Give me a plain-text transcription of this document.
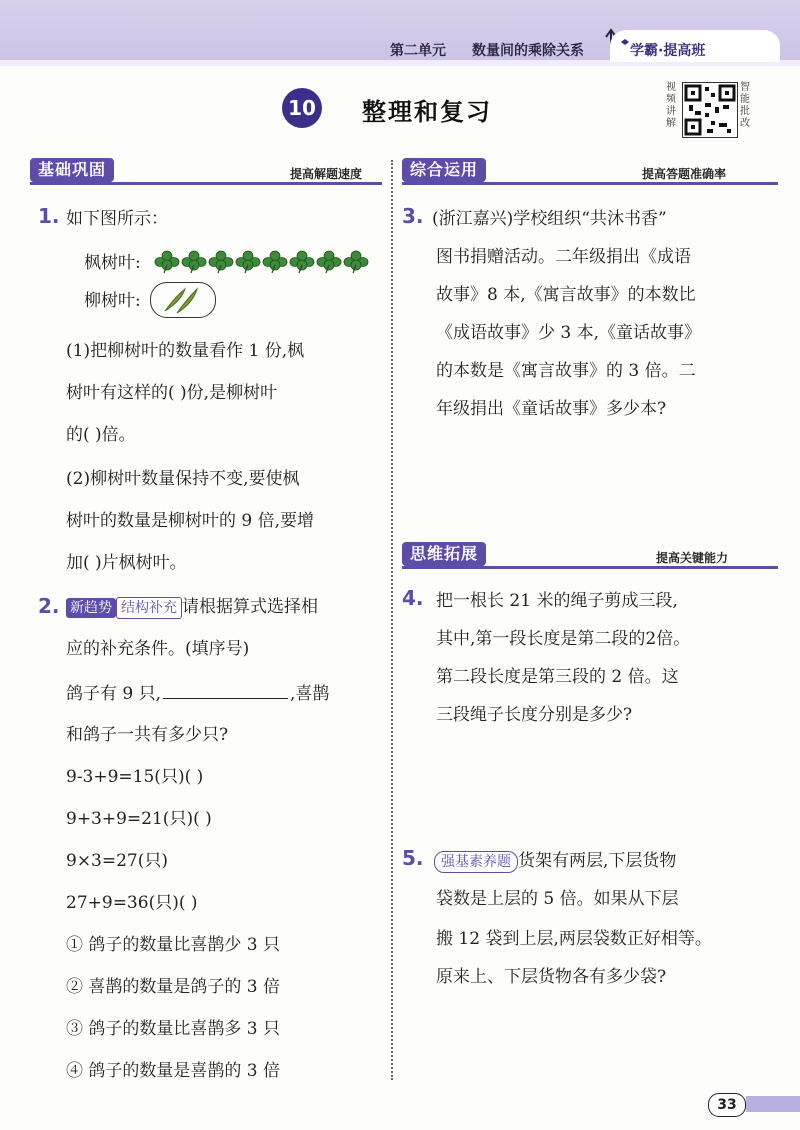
第二单元 数量间的乘除关系	学霸·提高班
10 整理和复习
视频讲解
智能批改
基础巩固	提高解题速度
1. 如下图所示：
枫树叶:
柳树叶:
(1)把柳树叶的数量看作 1 份,枫
树叶有这样的( )份,是柳树叶
的( )倍。
(2)柳树叶数量保持不变,要使枫
树叶的数量是柳树叶的 9 倍,要增
加( )片枫树叶。
2. 新趋势 结构补充 请根据算式选择相
应的补充条件。(填序号)
鸽子有 9 只,	,喜鹊
和鸽子一共有多少只?
9-3+9=15(只)( )
9+3+9=21(只)( )
9×3=27(只)
27+9=36(只)( )
① 鸽子的数量比喜鹊少 3 只
② 喜鹊的数量是鸽子的 3 倍
③ 鸽子的数量比喜鹊多 3 只
④ 鸽子的数量是喜鹊的 3 倍
综合运用	提高答题准确率
3. (浙江嘉兴)学校组织“共沐书香”
图书捐赠活动。二年级捐出《成语
故事》8 本,《寓言故事》的本数比
《成语故事》少 3 本,《童话故事》
的本数是《寓言故事》的 3 倍。二
年级捐出《童话故事》多少本?
思维拓展	提高关键能力
4. 把一根长 21 米的绳子剪成三段,
其中,第一段长度是第二段的2倍。
第二段长度是第三段的 2 倍。这
三段绳子长度分别是多少?
5.	强基素养题 货架有两层,下层货物
袋数是上层的 5 倍。如果从下层
搬 12 袋到上层,两层袋数正好相等。
原来上、下层货物各有多少袋?
33
